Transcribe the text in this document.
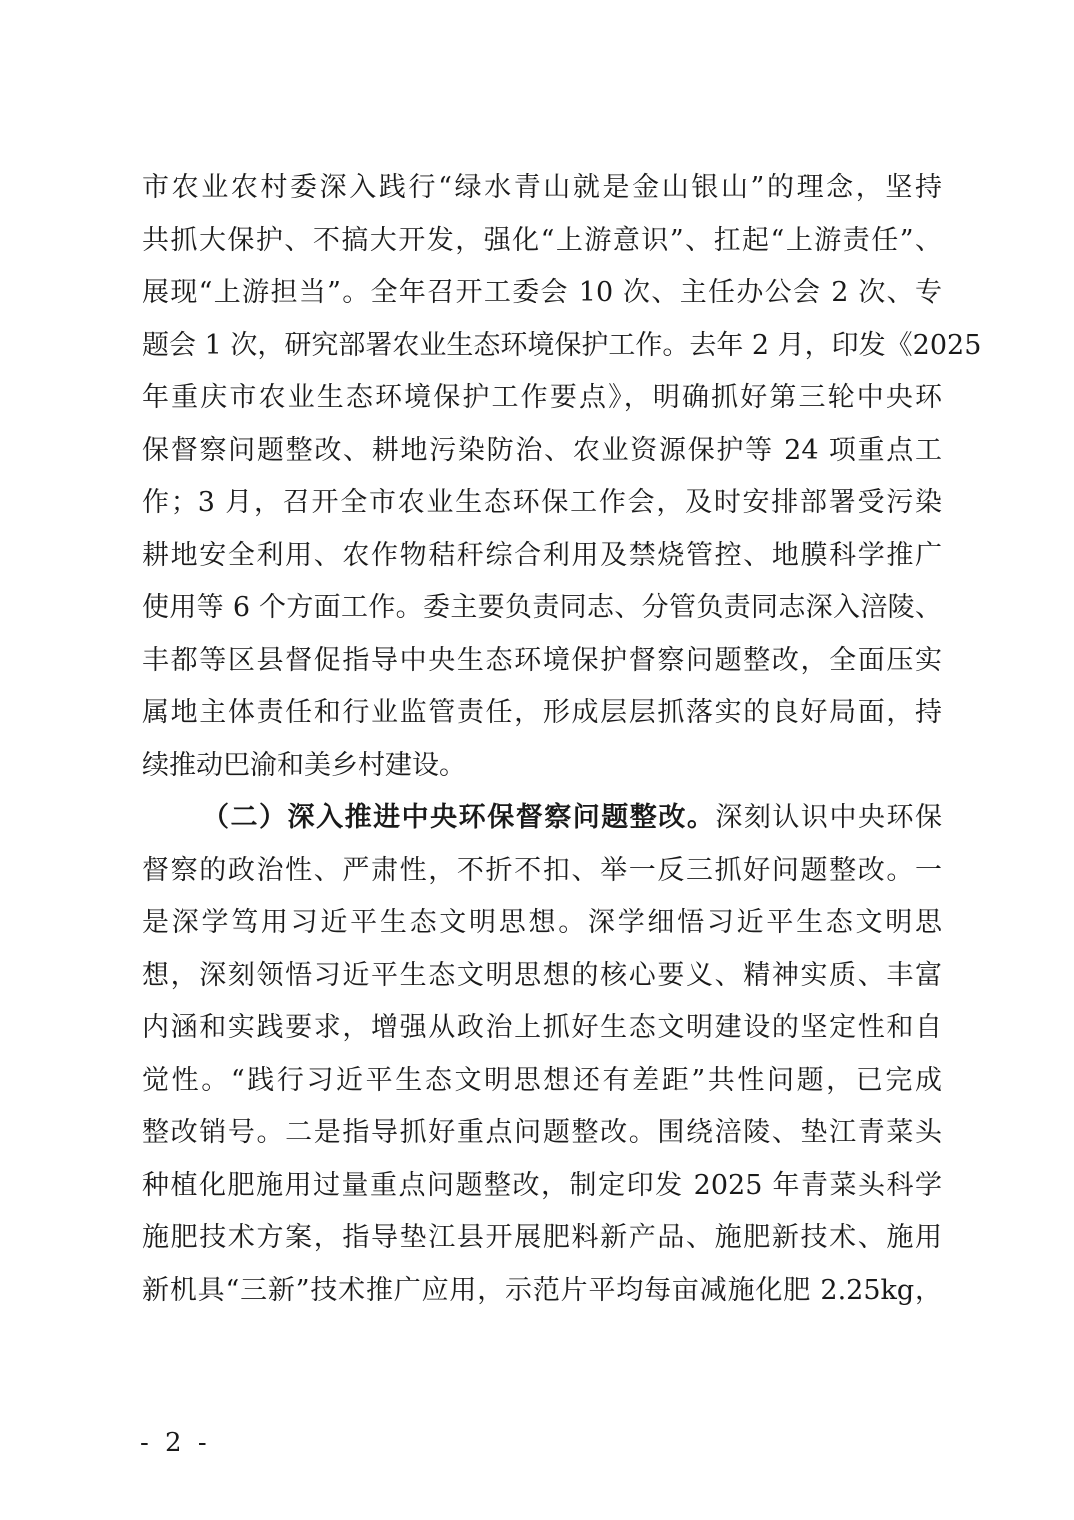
市农业农村委深入践行“绿水青山就是金山银山”的理念，坚持
共抓大保护、不搞大开发，强化“上游意识”、扛起“上游责任”、
展现“上游担当”。全年召开工委会 10 次、主任办公会 2 次、专
题会 1 次，研究部署农业生态环境保护工作。去年 2 月，印发《2025
年重庆市农业生态环境保护工作要点》，明确抓好第三轮中央环
保督察问题整改、耕地污染防治、农业资源保护等 24 项重点工
作；3 月，召开全市农业生态环保工作会，及时安排部署受污染
耕地安全利用、农作物秸秆综合利用及禁烧管控、地膜科学推广
使用等 6 个方面工作。委主要负责同志、分管负责同志深入涪陵、
丰都等区县督促指导中央生态环境保护督察问题整改，全面压实
属地主体责任和行业监管责任，形成层层抓落实的良好局面，持
续推动巴渝和美乡村建设。
（二）深入推进中央环保督察问题整改。深刻认识中央环保
督察的政治性、严肃性，不折不扣、举一反三抓好问题整改。一
是深学笃用习近平生态文明思想。深学细悟习近平生态文明思
想，深刻领悟习近平生态文明思想的核心要义、精神实质、丰富
内涵和实践要求，增强从政治上抓好生态文明建设的坚定性和自
觉性。“践行习近平生态文明思想还有差距”共性问题，已完成
整改销号。二是指导抓好重点问题整改。围绕涪陵、垫江青菜头
种植化肥施用过量重点问题整改，制定印发 2025 年青菜头科学
施肥技术方案，指导垫江县开展肥料新产品、施肥新技术、施用
新机具“三新”技术推广应用，示范片平均每亩减施化肥 2.25kg，
- 2 -
